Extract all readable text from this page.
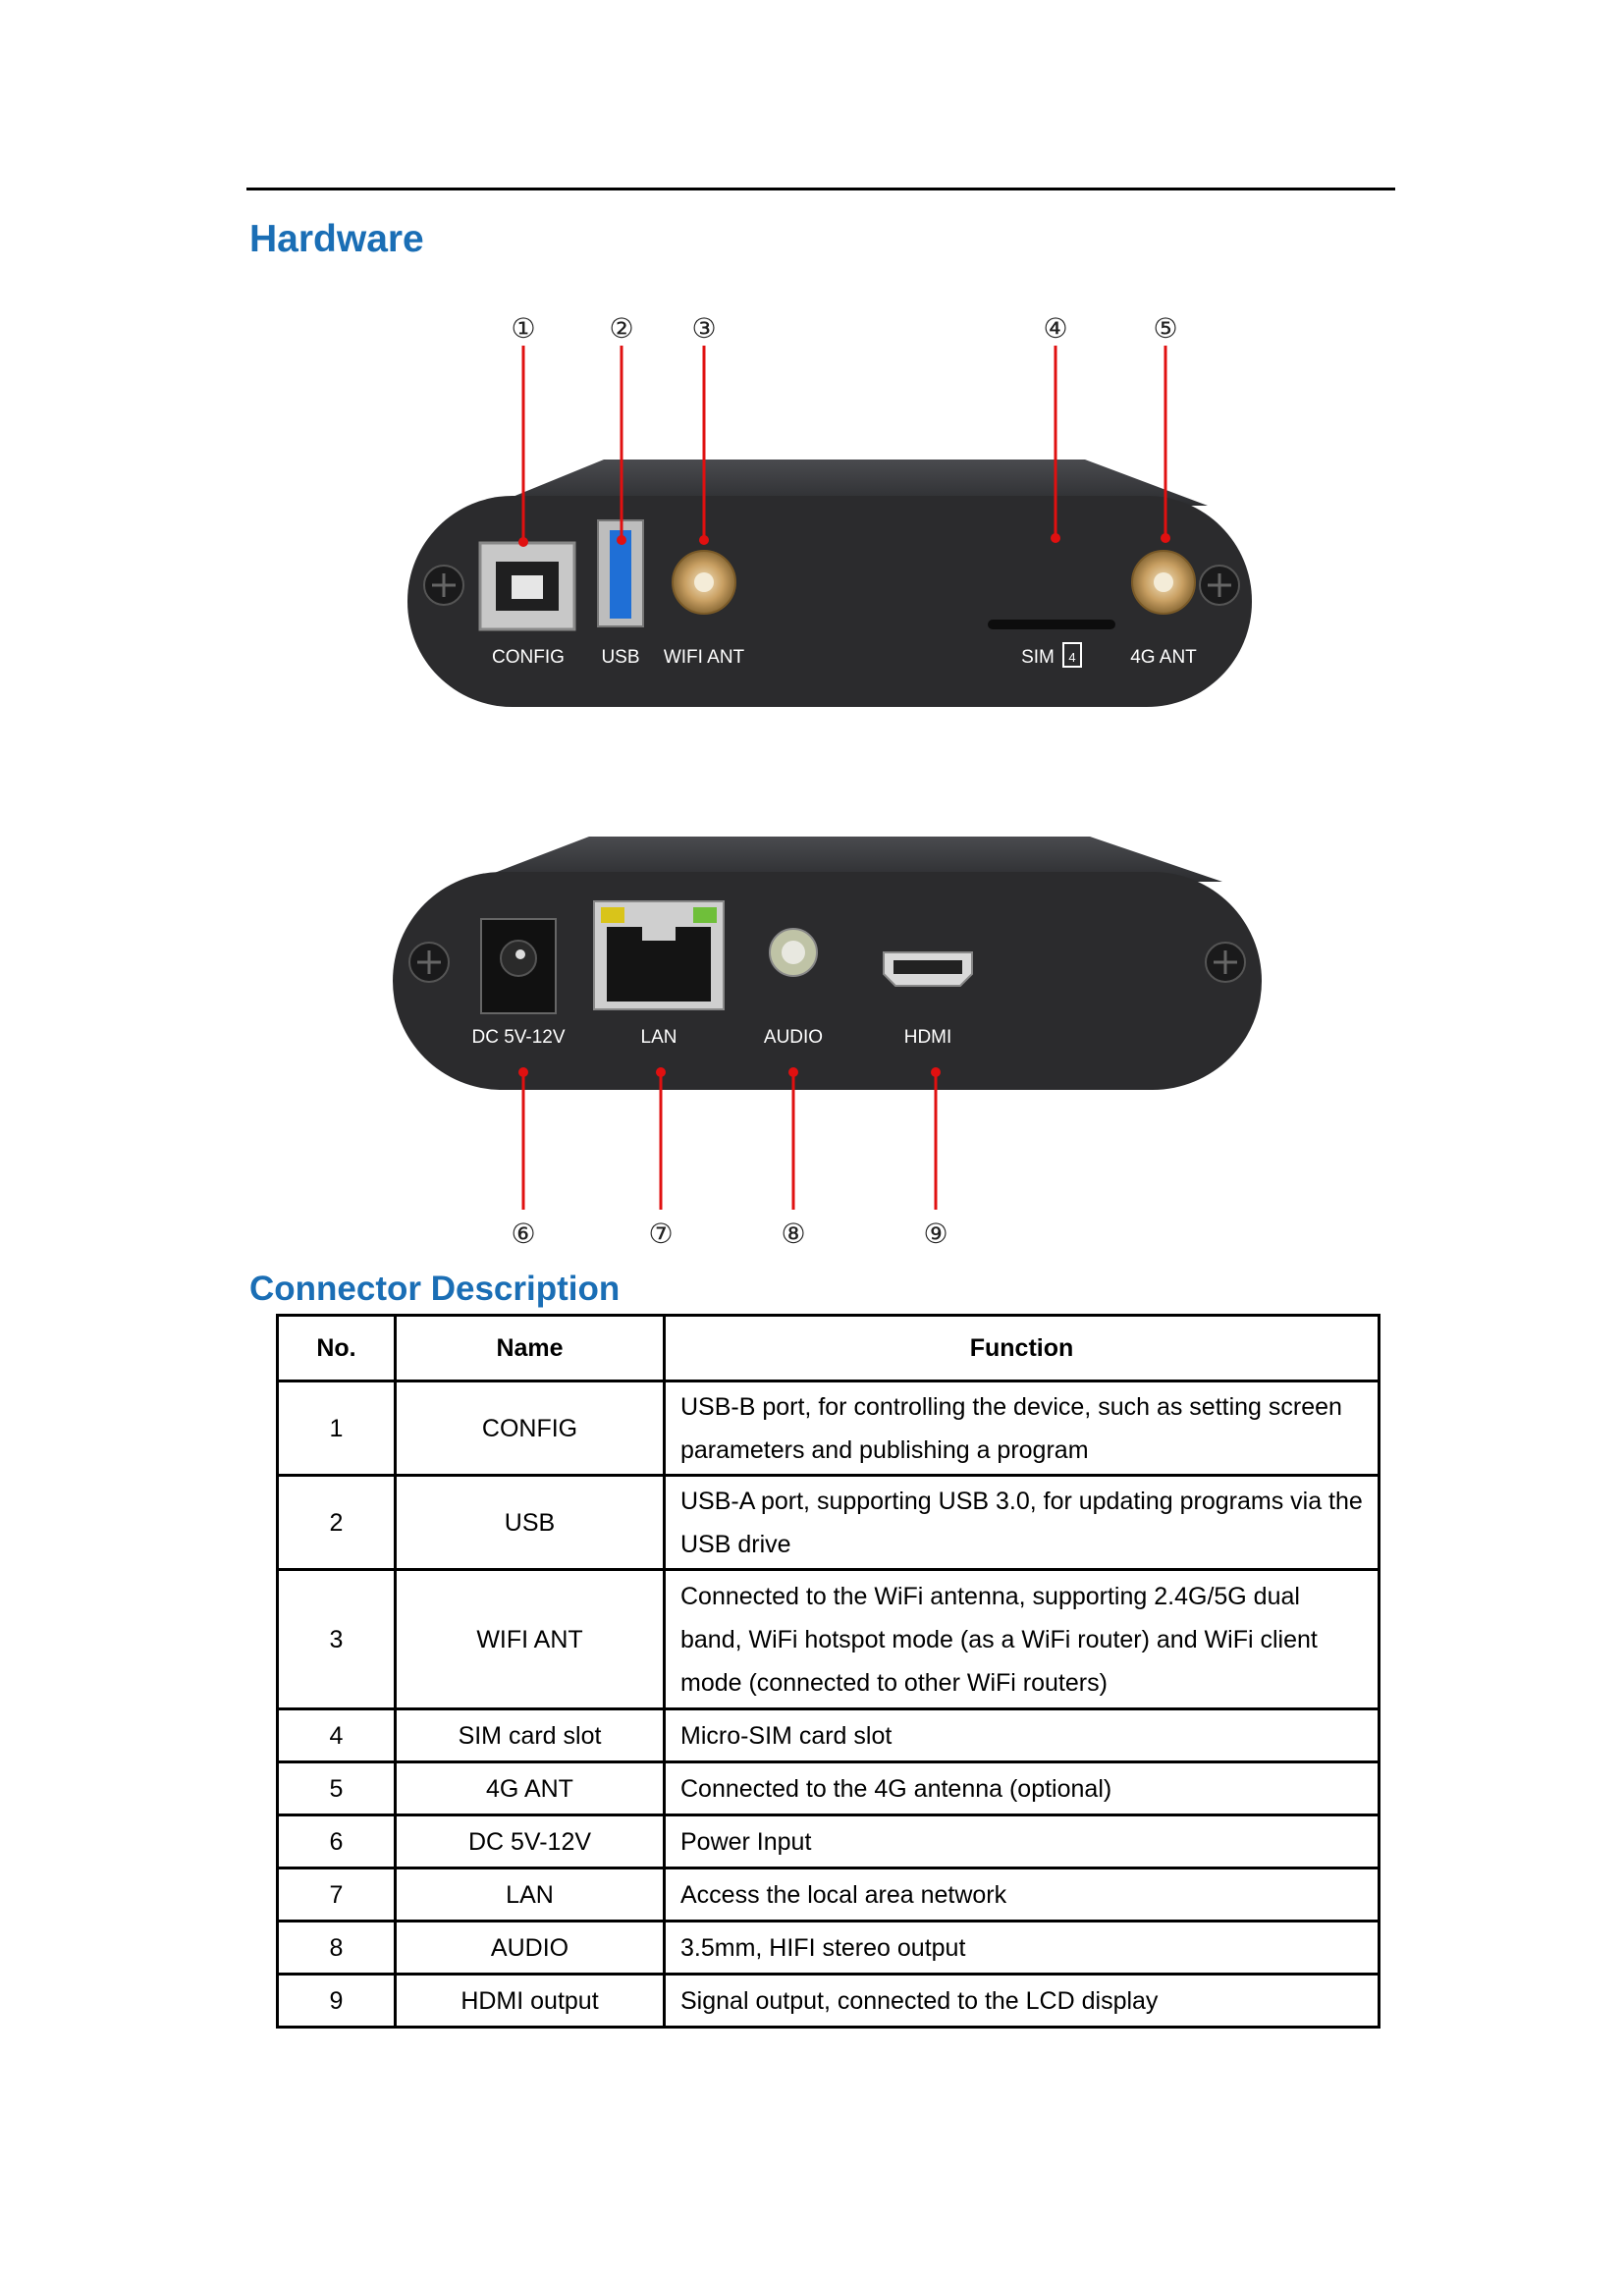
Hardware
CONFIG USB WIFI ANT	SIM 4	4G ANT
①	② ③	④	⑤
DC 5V-12V	LAN	AUDIO	HDMI
⑥	⑦	⑧	⑨
Connector Description
No.	Name	Function
1	CONFIG	USB-B port, for controlling the device, such as setting screen parameters and publishing a program
2	USB	USB-A port, supporting USB 3.0, for updating programs via the USB drive
3	WIFI ANT	Connected to the WiFi antenna, supporting 2.4G/5G dual band, WiFi hotspot mode (as a WiFi router) and WiFi client mode (connected to other WiFi routers)
4	SIM card slot	Micro-SIM card slot
5	4G ANT	Connected to the 4G antenna (optional)
6	DC 5V-12V	Power Input
7	LAN	Access the local area network
8	AUDIO	3.5mm, HIFI stereo output
9	HDMI output	Signal output, connected to the LCD display
